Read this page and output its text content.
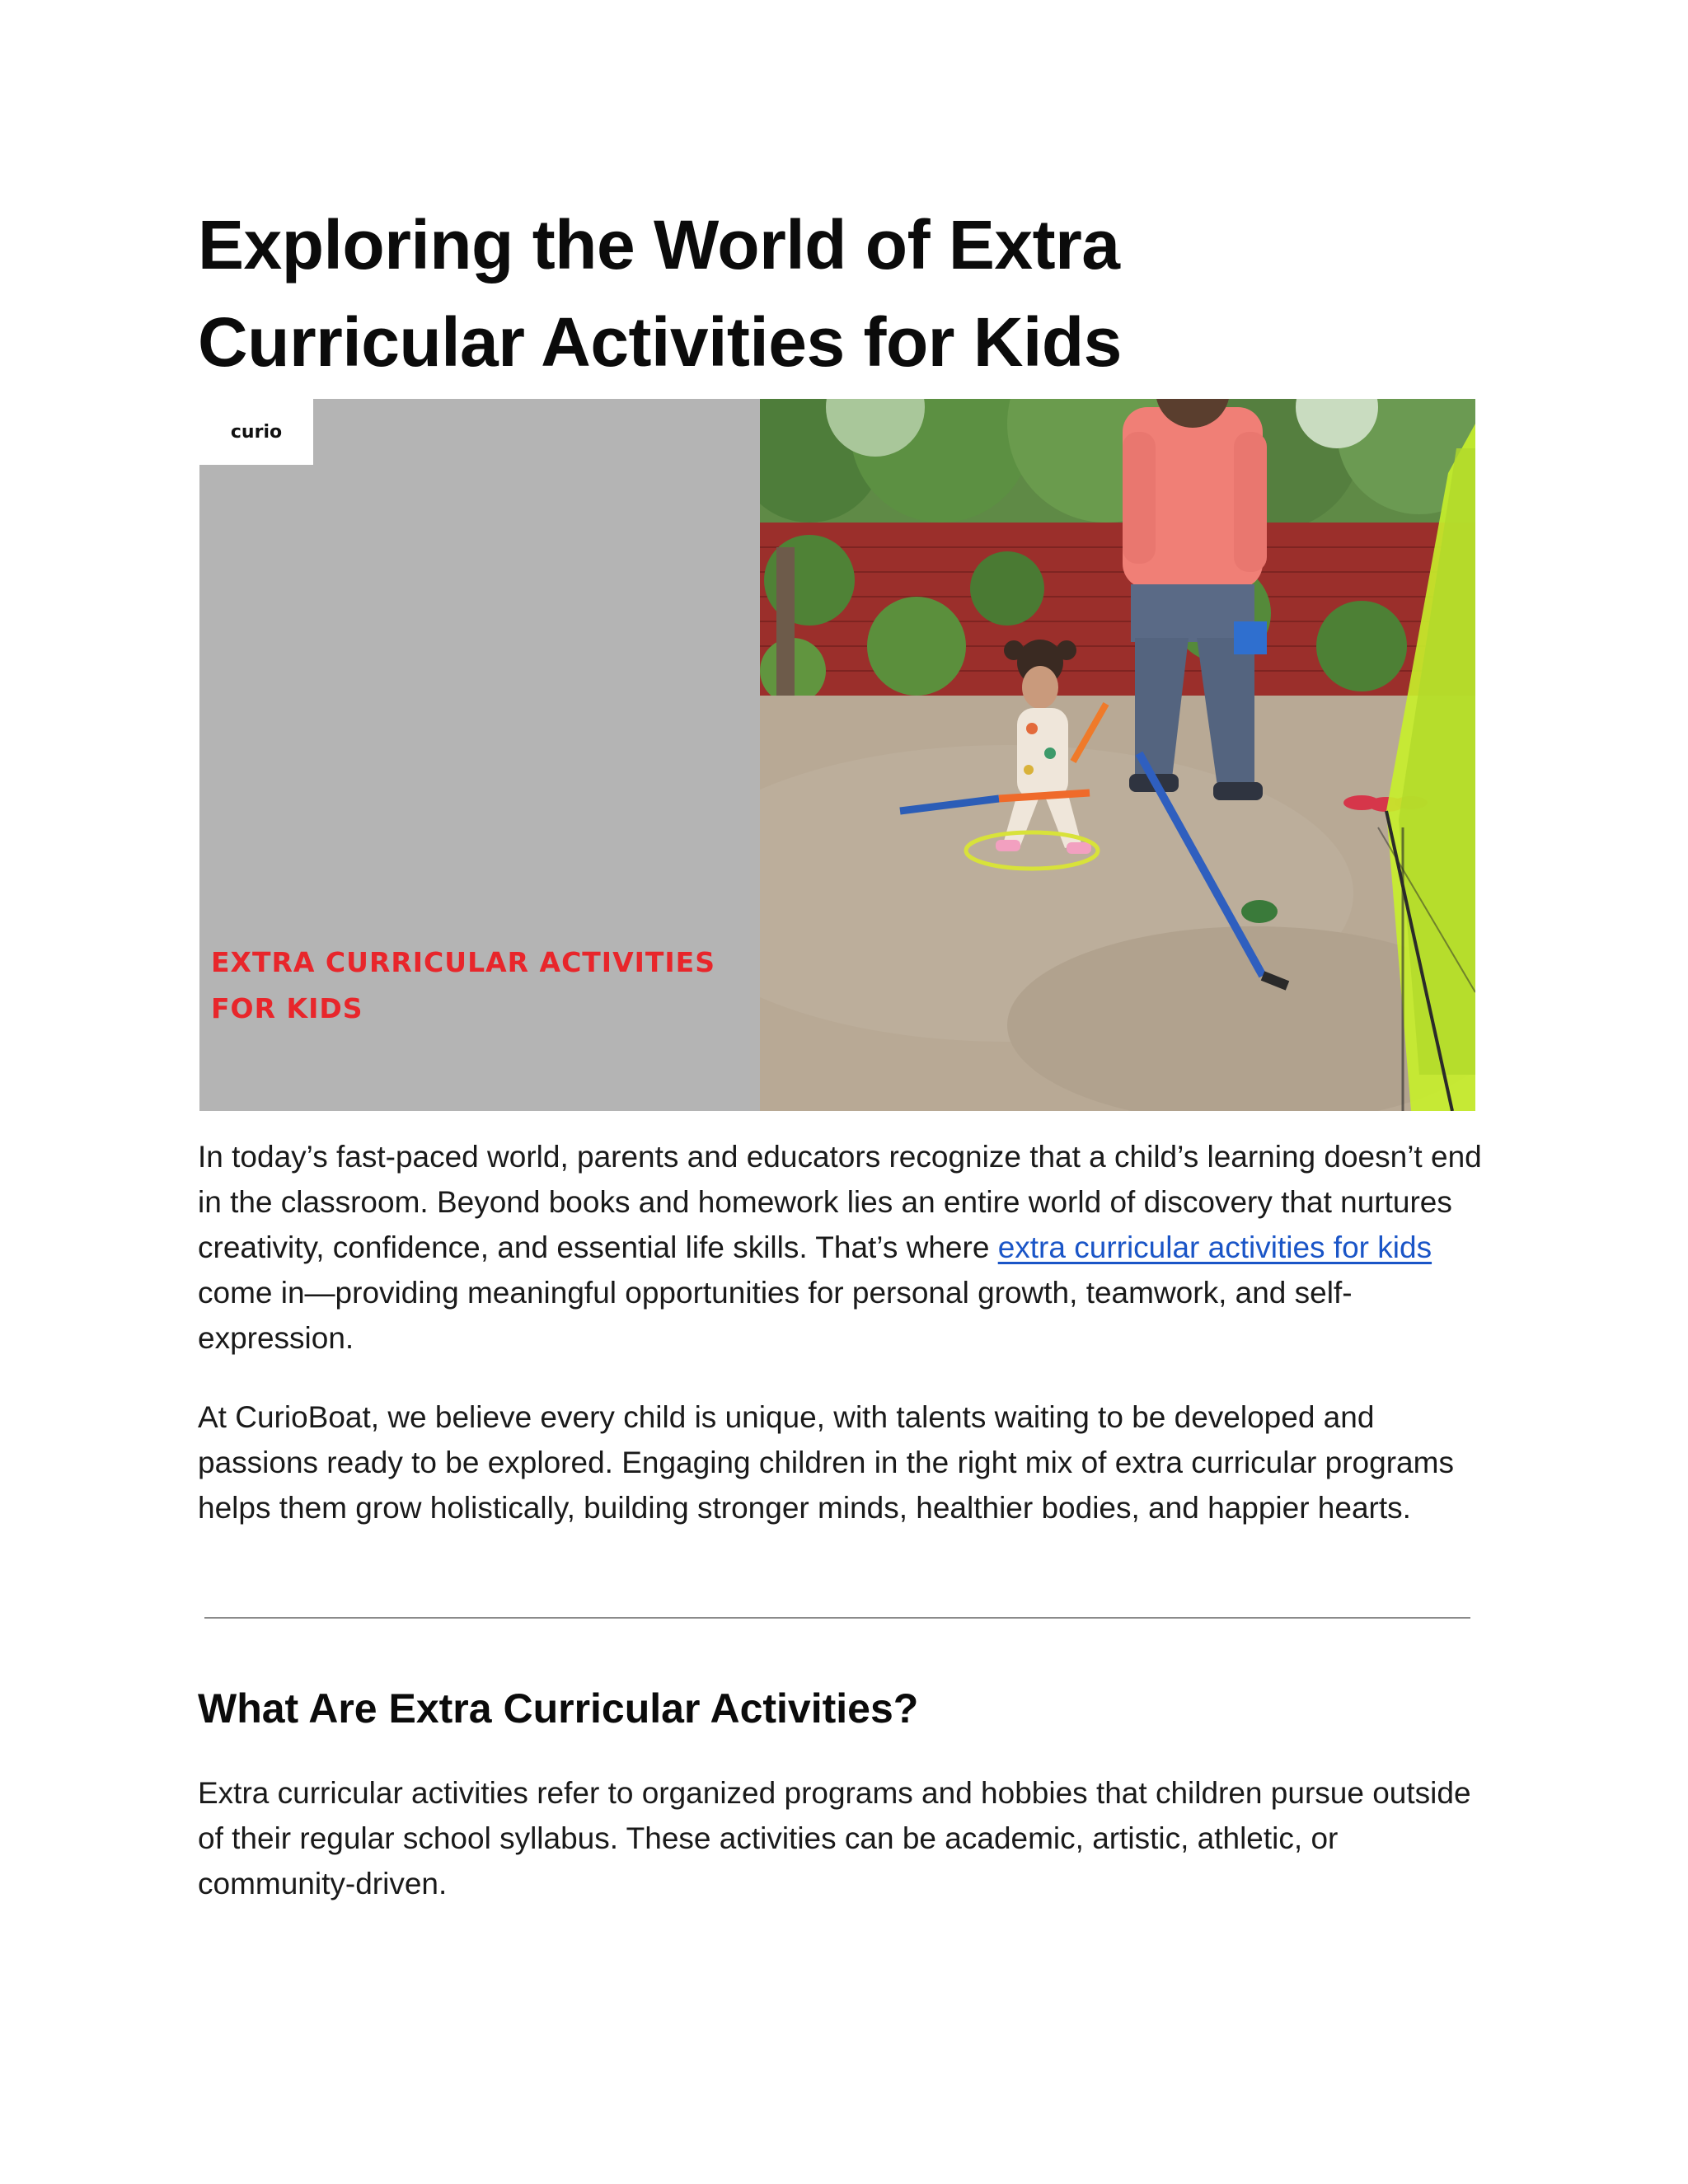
Exploring the World of Extra
Curricular Activities for Kids
curio
EXTRA CURRICULAR ACTIVITIES
FOR KIDS

In today’s fast-paced world, parents and educators recognize that a child’s learning doesn’t end in the classroom. Beyond books and homework lies an entire world of discovery that nurtures creativity, confidence, and essential life skills. That’s where extra curricular activities for kids come in—providing meaningful opportunities for personal growth, teamwork, and self-expression.

At CurioBoat, we believe every child is unique, with talents waiting to be developed and passions ready to be explored. Engaging children in the right mix of extra curricular programs helps them grow holistically, building stronger minds, healthier bodies, and happier hearts.

What Are Extra Curricular Activities?

Extra curricular activities refer to organized programs and hobbies that children pursue outside of their regular school syllabus. These activities can be academic, artistic, athletic, or community-driven.
